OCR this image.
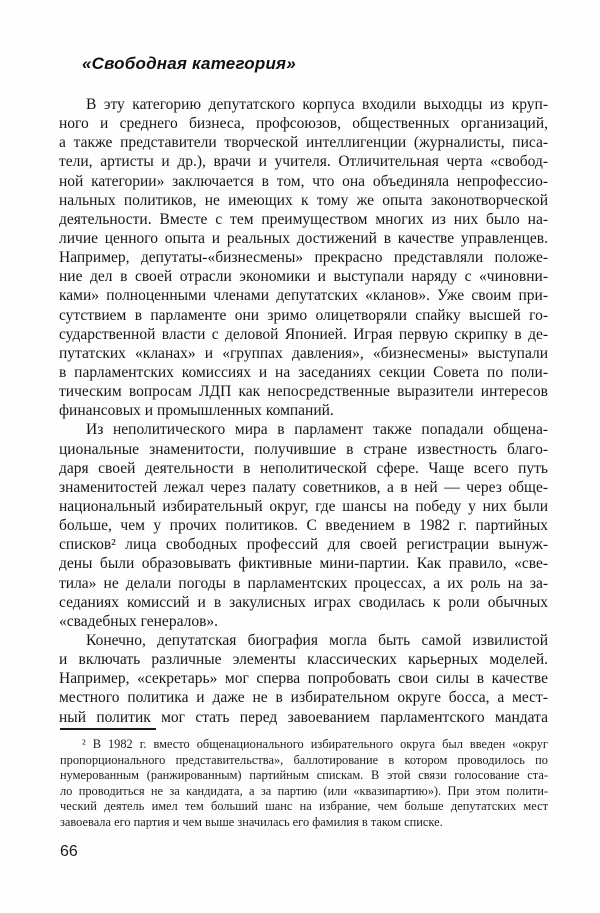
«Свободная категория»
В эту категорию депутатского корпуса входили выходцы из круп-
ного и среднего бизнеса, профсоюзов, общественных организаций,
а также представители творческой интеллигенции (журналисты, писа-
тели, артисты и др.), врачи и учителя. Отличительная черта «свобод-
ной категории» заключается в том, что она объединяла непрофессио-
нальных политиков, не имеющих к тому же опыта законотворческой
деятельности. Вместе с тем преимуществом многих из них было на-
личие ценного опыта и реальных достижений в качестве управленцев.
Например, депутаты-«бизнесмены» прекрасно представляли положе-
ние дел в своей отрасли экономики и выступали наряду с «чиновни-
ками» полноценными членами депутатских «кланов». Уже своим при-
сутствием в парламенте они зримо олицетворяли спайку высшей го-
сударственной власти с деловой Японией. Играя первую скрипку в де-
путатских «кланах» и «группах давления», «бизнесмены» выступали
в парламентских комиссиях и на заседаниях секции Совета по поли-
тическим вопросам ЛДП как непосредственные выразители интересов
финансовых и промышленных компаний.
Из неполитического мира в парламент также попадали общена-
циональные знаменитости, получившие в стране известность благо-
даря своей деятельности в неполитической сфере. Чаще всего путь
знаменитостей лежал через палату советников, а в ней — через обще-
национальный избирательный округ, где шансы на победу у них были
больше, чем у прочих политиков. С введением в 1982 г. партийных
списков² лица свободных профессий для своей регистрации вынуж-
дены были образовывать фиктивные мини-партии. Как правило, «све-
тила» не делали погоды в парламентских процессах, а их роль на за-
седаниях комиссий и в закулисных играх сводилась к роли обычных
«свадебных генералов».
Конечно, депутатская биография могла быть самой извилистой
и включать различные элементы классических карьерных моделей.
Например, «секретарь» мог сперва попробовать свои силы в качестве
местного политика и даже не в избирательном округе босса, а мест-
ный политик мог стать перед завоеванием парламентского мандата
² В 1982 г. вместо общенационального избирательного округа был введен «округ
пропорционального представительства», баллотирование в котором проводилось по
нумерованным (ранжированным) партийным спискам. В этой связи голосование ста-
ло проводиться не за кандидата, а за партию (или «квазипартию»). При этом полити-
ческий деятель имел тем больший шанс на избрание, чем больше депутатских мест
завоевала его партия и чем выше значилась его фамилия в таком списке.
66
